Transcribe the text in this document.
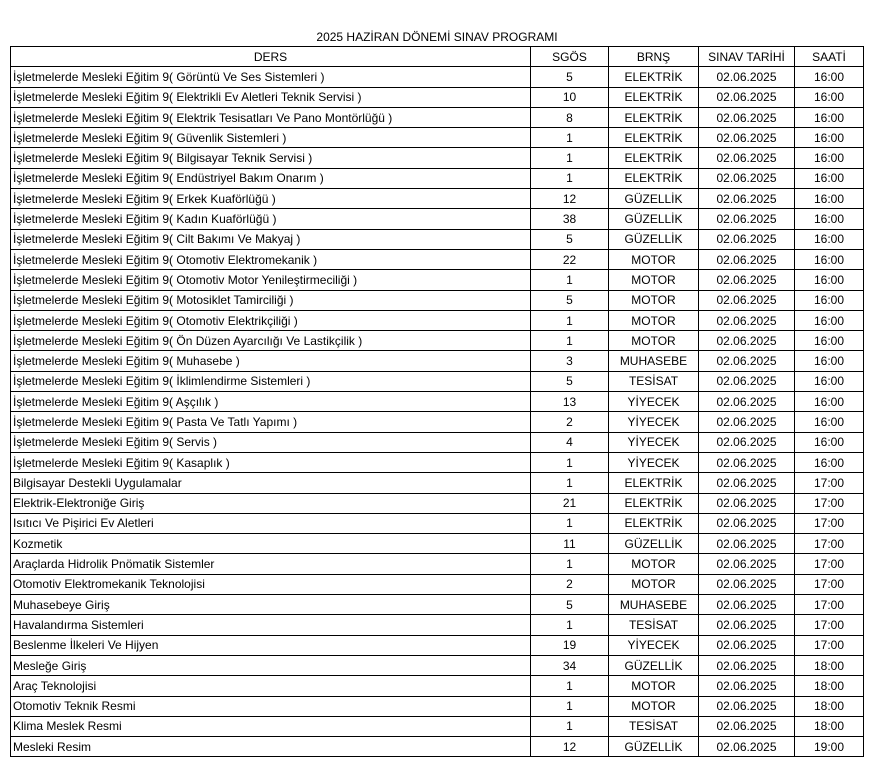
2025 HAZİRAN DÖNEMİ SINAV PROGRAMI
DERS	SGÖS	BRNŞ	SINAV TARİHİ	SAATİ
İşletmelerde Mesleki Eğitim 9( Görüntü Ve Ses Sistemleri )	5	ELEKTRİK	02.06.2025	16:00
İşletmelerde Mesleki Eğitim 9( Elektrikli Ev Aletleri Teknik Servisi )	10	ELEKTRİK	02.06.2025	16:00
İşletmelerde Mesleki Eğitim 9( Elektrik Tesisatları Ve Pano Montörlüğü )	8	ELEKTRİK	02.06.2025	16:00
İşletmelerde Mesleki Eğitim 9( Güvenlik Sistemleri )	1	ELEKTRİK	02.06.2025	16:00
İşletmelerde Mesleki Eğitim 9( Bilgisayar Teknik Servisi )	1	ELEKTRİK	02.06.2025	16:00
İşletmelerde Mesleki Eğitim 9( Endüstriyel Bakım Onarım )	1	ELEKTRİK	02.06.2025	16:00
İşletmelerde Mesleki Eğitim 9( Erkek Kuaförlüğü )	12	GÜZELLİK	02.06.2025	16:00
İşletmelerde Mesleki Eğitim 9( Kadın Kuaförlüğü )	38	GÜZELLİK	02.06.2025	16:00
İşletmelerde Mesleki Eğitim 9( Cilt Bakımı Ve Makyaj )	5	GÜZELLİK	02.06.2025	16:00
İşletmelerde Mesleki Eğitim 9( Otomotiv Elektromekanik )	22	MOTOR	02.06.2025	16:00
İşletmelerde Mesleki Eğitim 9( Otomotiv Motor Yenileştirmeciliği )	1	MOTOR	02.06.2025	16:00
İşletmelerde Mesleki Eğitim 9( Motosiklet Tamirciliği )	5	MOTOR	02.06.2025	16:00
İşletmelerde Mesleki Eğitim 9( Otomotiv Elektrikçiliği )	1	MOTOR	02.06.2025	16:00
İşletmelerde Mesleki Eğitim 9( Ön Düzen Ayarcılığı Ve Lastikçilik )	1	MOTOR	02.06.2025	16:00
İşletmelerde Mesleki Eğitim 9( Muhasebe )	3	MUHASEBE	02.06.2025	16:00
İşletmelerde Mesleki Eğitim 9( İklimlendirme Sistemleri )	5	TESİSAT	02.06.2025	16:00
İşletmelerde Mesleki Eğitim 9( Aşçılık )	13	YİYECEK	02.06.2025	16:00
İşletmelerde Mesleki Eğitim 9( Pasta Ve Tatlı Yapımı )	2	YİYECEK	02.06.2025	16:00
İşletmelerde Mesleki Eğitim 9( Servis )	4	YİYECEK	02.06.2025	16:00
İşletmelerde Mesleki Eğitim 9( Kasaplık )	1	YİYECEK	02.06.2025	16:00
Bilgisayar Destekli Uygulamalar	1	ELEKTRİK	02.06.2025	17:00
Elektrik-Elektroniğe Giriş	21	ELEKTRİK	02.06.2025	17:00
Isıtıcı Ve Pişirici Ev Aletleri	1	ELEKTRİK	02.06.2025	17:00
Kozmetik	11	GÜZELLİK	02.06.2025	17:00
Araçlarda Hidrolik Pnömatik Sistemler	1	MOTOR	02.06.2025	17:00
Otomotiv Elektromekanik Teknolojisi	2	MOTOR	02.06.2025	17:00
Muhasebeye Giriş	5	MUHASEBE	02.06.2025	17:00
Havalandırma Sistemleri	1	TESİSAT	02.06.2025	17:00
Beslenme İlkeleri Ve Hijyen	19	YİYECEK	02.06.2025	17:00
Mesleğe Giriş	34	GÜZELLİK	02.06.2025	18:00
Araç Teknolojisi	1	MOTOR	02.06.2025	18:00
Otomotiv Teknik Resmi	1	MOTOR	02.06.2025	18:00
Klima Meslek Resmi	1	TESİSAT	02.06.2025	18:00
Mesleki Resim	12	GÜZELLİK	02.06.2025	19:00
